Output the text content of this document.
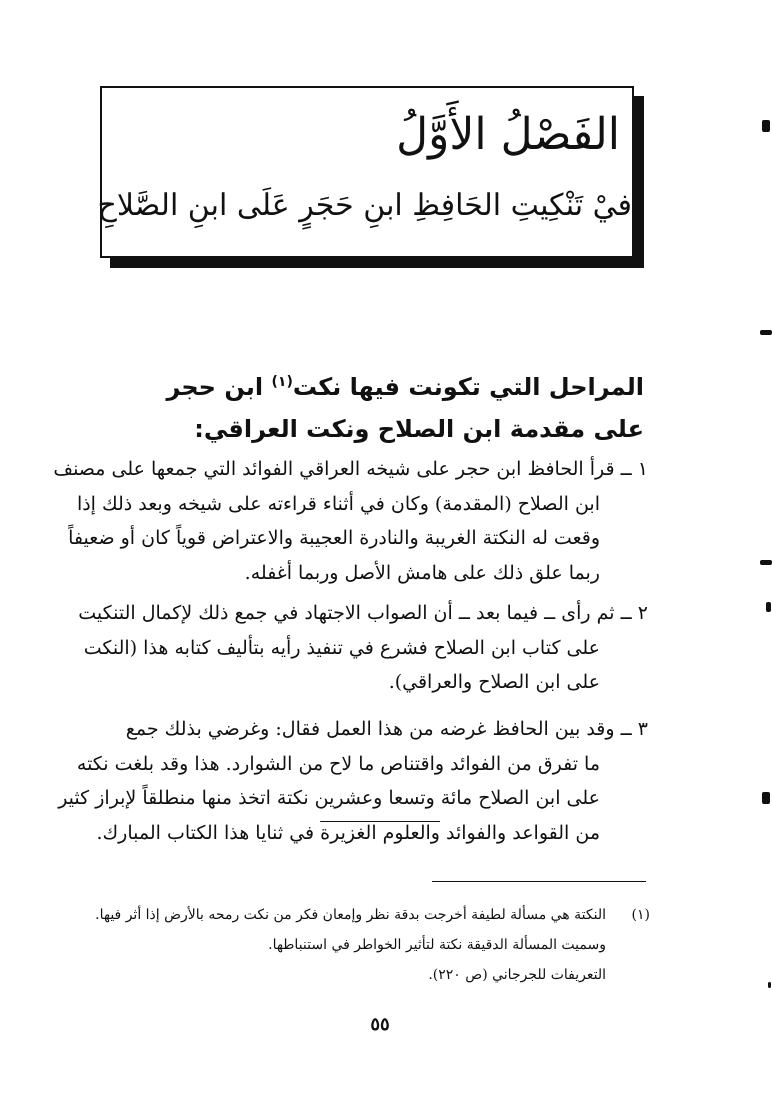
الفَصْلُ الأَوَّلُ
فيْ تَنْكِيتِ الحَافِظِ ابنِ حَجَرٍ عَلَى ابنِ الصَّلاحِ
المراحل التي تكونت فيها نكت$^{(١)}$ ابن حجر
على مقدمة ابن الصلاح ونكت العراقي:
١ ــ قرأ الحافظ ابن حجر على شيخه العراقي الفوائد التي جمعها على مصنف
ابن الصلاح (المقدمة) وكان في أثناء قراءته على شيخه وبعد ذلك إذا
وقعت له النكتة الغريبة والنادرة العجيبة والاعتراض قوياً كان أو ضعيفاً
ربما علق ذلك على هامش الأصل وربما أغفله.
٢ ــ ثم رأى ــ فيما بعد ــ أن الصواب الاجتهاد في جمع ذلك لإكمال التنكيت
على كتاب ابن الصلاح فشرع في تنفيذ رأيه بتأليف كتابه هذا (النكت
على ابن الصلاح والعراقي).
٣ ــ وقد بين الحافظ غرضه من هذا العمل فقال: وغرضي بذلك جمع
ما تفرق من الفوائد واقتناص ما لاح من الشوارد. هذا وقد بلغت نكته
على ابن الصلاح مائة وتسعا وعشرين نكتة اتخذ منها منطلقاً لإبراز كثير
من القواعد والفوائد والعلوم الغزيرة في ثنايا هذا الكتاب المبارك.
(١)النكتة هي مسألة لطيفة أخرجت بدقة نظر وإمعان فكر من نكت رمحه بالأرض إذا أثر فيها.
وسميت المسألة الدقيقة نكتة لتأثير الخواطر في استنباطها.
التعريفات للجرجاني (ص ٢٢٠).
٥٥
